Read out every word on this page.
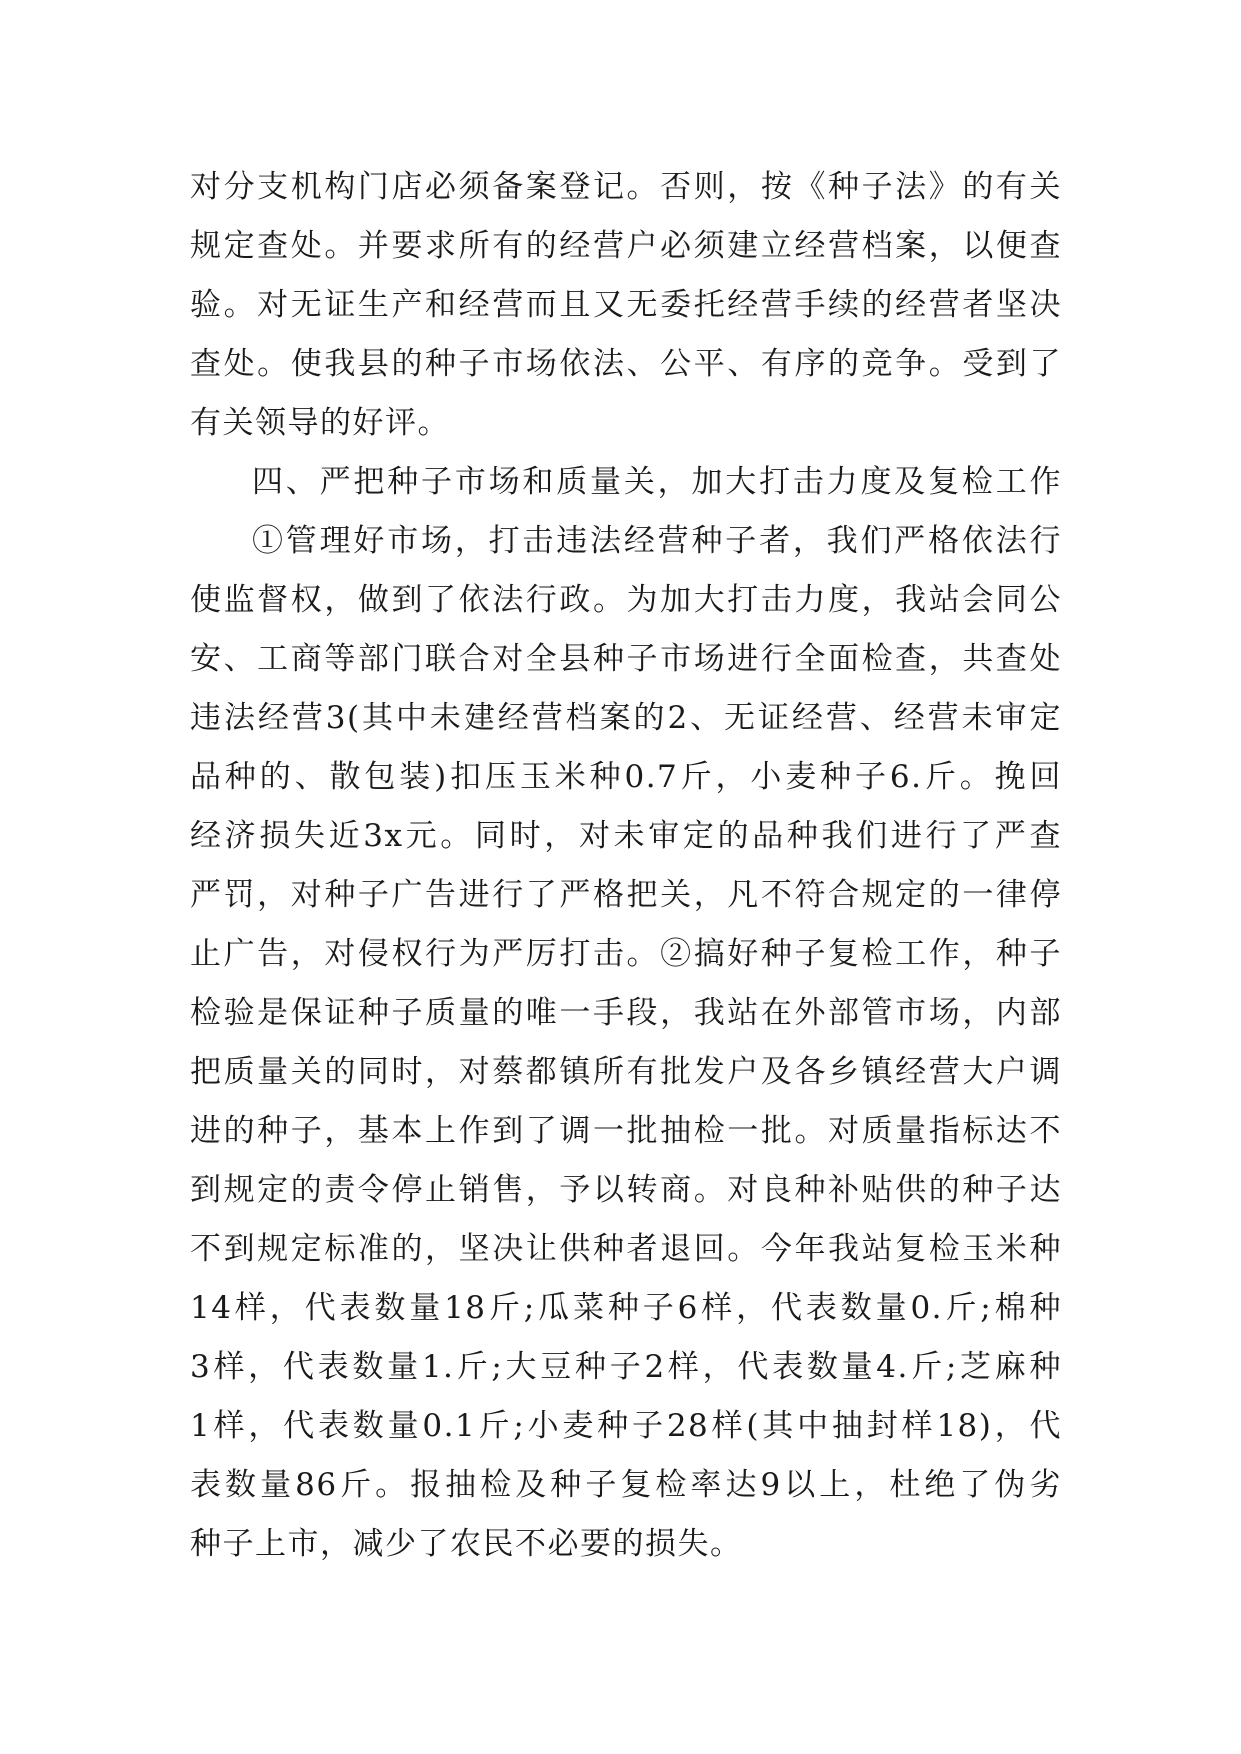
对分支机构门店必须备案登记。否则，按《种子法》的有关
规定查处。并要求所有的经营户必须建立经营档案，以便查
验。对无证生产和经营而且又无委托经营手续的经营者坚决
查处。使我县的种子市场依法、公平、有序的竞争。受到了
有关领导的好评。
四、严把种子市场和质量关，加大打击力度及复检工作
①管理好市场，打击违法经营种子者，我们严格依法行
使监督权，做到了依法行政。为加大打击力度，我站会同公
安、工商等部门联合对全县种子市场进行全面检查，共查处
违法经营3(其中未建经营档案的2、无证经营、经营未审定
品种的、散包装)扣压玉米种0.7斤，小麦种子6.斤。挽回
经济损失近3x元。同时，对未审定的品种我们进行了严查
严罚，对种子广告进行了严格把关，凡不符合规定的一律停
止广告，对侵权行为严厉打击。②搞好种子复检工作，种子
检验是保证种子质量的唯一手段，我站在外部管市场，内部
把质量关的同时，对蔡都镇所有批发户及各乡镇经营大户调
进的种子，基本上作到了调一批抽检一批。对质量指标达不
到规定的责令停止销售，予以转商。对良种补贴供的种子达
不到规定标准的，坚决让供种者退回。今年我站复检玉米种
14样，代表数量18斤;瓜菜种子6样，代表数量0.斤;棉种
3样，代表数量1.斤;大豆种子2样，代表数量4.斤;芝麻种
1样，代表数量0.1斤;小麦种子28样(其中抽封样18)，代
表数量86斤。报抽检及种子复检率达9以上，杜绝了伪劣
种子上市，减少了农民不必要的损失。
